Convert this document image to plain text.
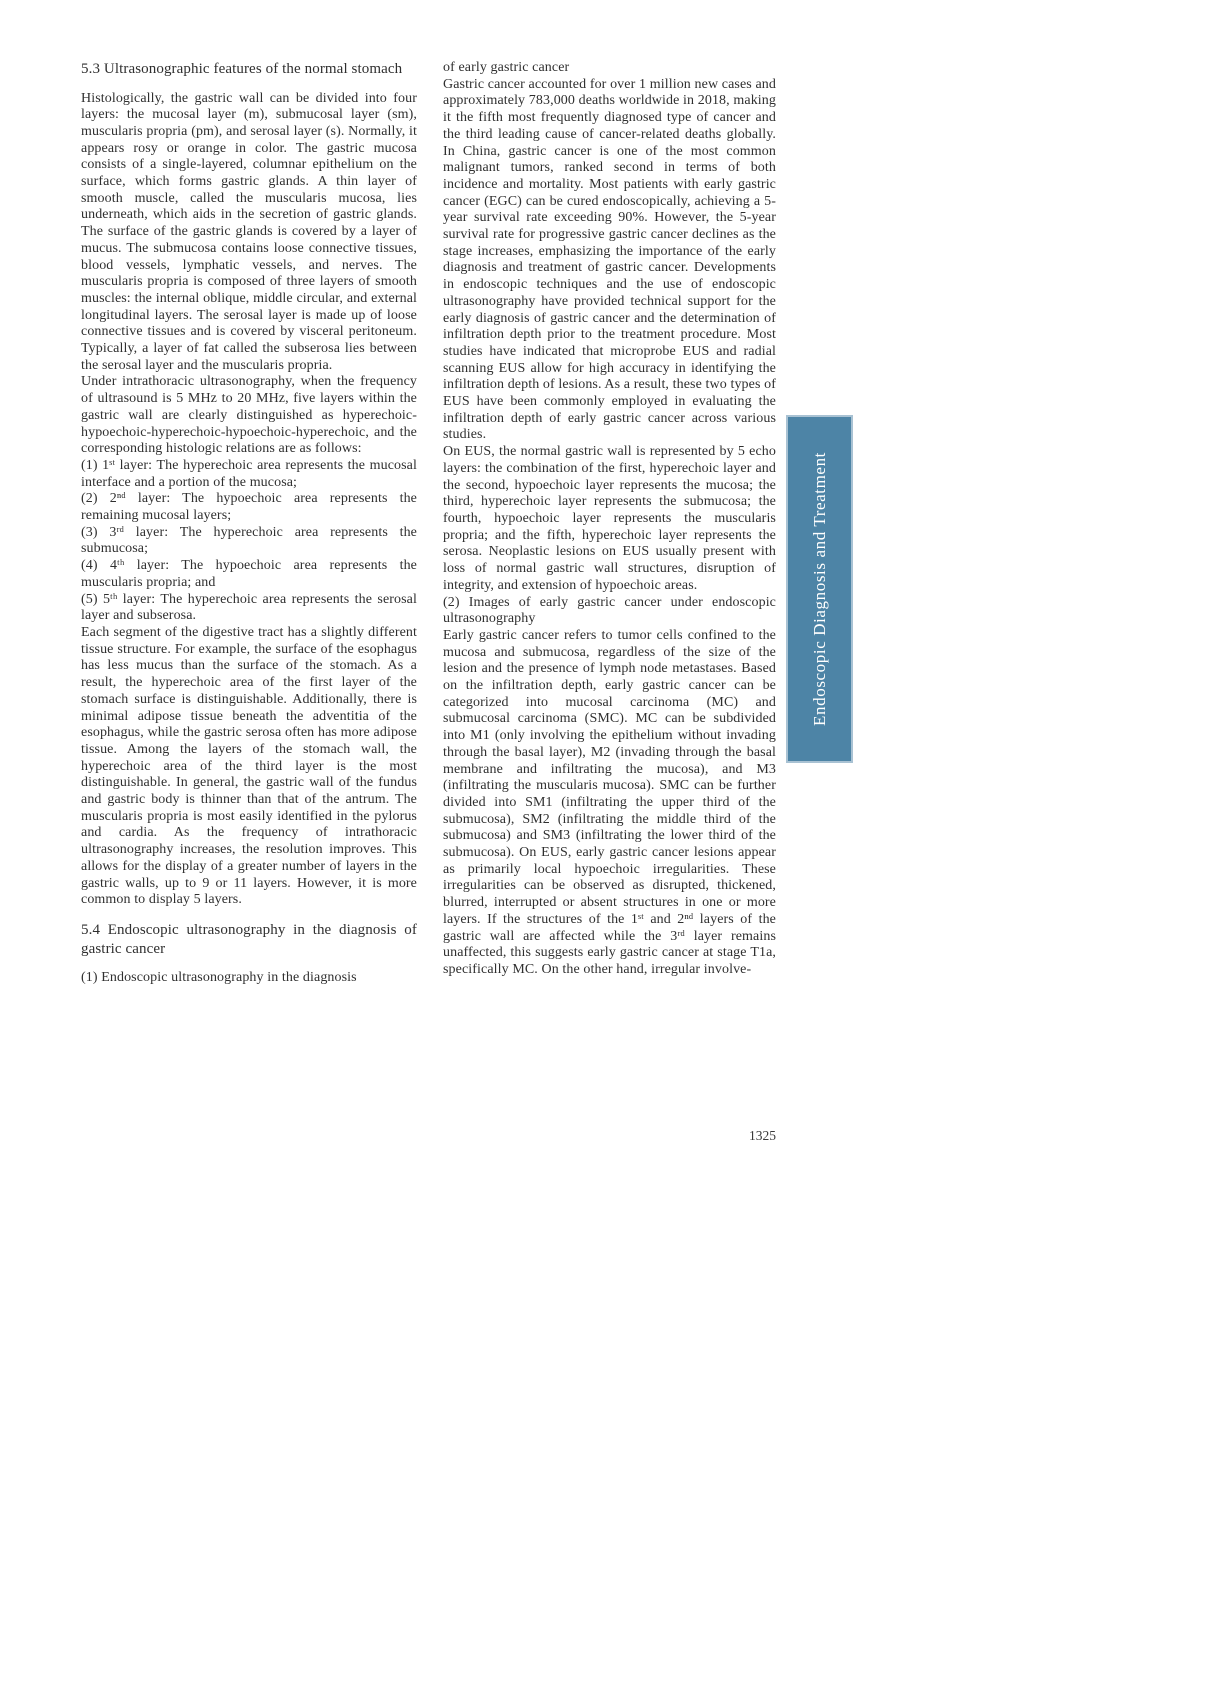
5.3 Ultrasonographic features of the normal stomach

Histologically, the gastric wall can be divided into four layers: the mucosal layer (m), submucosal layer (sm), muscularis propria (pm), and serosal layer (s). Normally, it appears rosy or orange in color. The gastric mucosa consists of a single-layered, columnar epithelium on the surface, which forms gastric glands. A thin layer of smooth muscle, called the muscularis mucosa, lies underneath, which aids in the secretion of gastric glands. The surface of the gastric glands is covered by a layer of mucus. The submucosa contains loose connective tissues, blood vessels, lymphatic vessels, and nerves. The muscularis propria is composed of three layers of smooth muscles: the internal oblique, middle circular, and external longitudinal layers. The serosal layer is made up of loose connective tissues and is covered by visceral peritoneum. Typically, a layer of fat called the subserosa lies between the serosal layer and the muscularis propria.

Under intrathoracic ultrasonography, when the frequency of ultrasound is 5 MHz to 20 MHz, five layers within the gastric wall are clearly distinguished as hyperechoic-hypoechoic-hyperechoic-hypoechoic-hyperechoic, and the corresponding histologic relations are as follows:

(1) 1ˢᵗ layer: The hyperechoic area represents the mucosal interface and a portion of the mucosa;

(2) 2ⁿᵈ layer: The hypoechoic area represents the remaining mucosal layers;

(3) 3ʳᵈ layer: The hyperechoic area represents the submucosa;

(4) 4ᵗʰ layer: The hypoechoic area represents the muscularis propria; and

(5) 5ᵗʰ layer: The hyperechoic area represents the serosal layer and subserosa.

Each segment of the digestive tract has a slightly different tissue structure. For example, the surface of the esophagus has less mucus than the surface of the stomach. As a result, the hyperechoic area of the first layer of the stomach surface is distinguishable. Additionally, there is minimal adipose tissue beneath the adventitia of the esophagus, while the gastric serosa often has more adipose tissue. Among the layers of the stomach wall, the hyperechoic area of the third layer is the most distinguishable. In general, the gastric wall of the fundus and gastric body is thinner than that of the antrum. The muscularis propria is most easily identified in the pylorus and cardia. As the frequency of intrathoracic ultrasonography increases, the resolution improves. This allows for the display of a greater number of layers in the gastric walls, up to 9 or 11 layers. However, it is more common to display 5 layers.

5.4 Endoscopic ultrasonography in the diagnosis of gastric cancer

(1) Endoscopic ultrasonography in the diagnosis

of early gastric cancer

Gastric cancer accounted for over 1 million new cases and approximately 783,000 deaths worldwide in 2018, making it the fifth most frequently diagnosed type of cancer and the third leading cause of cancer-related deaths globally. In China, gastric cancer is one of the most common malignant tumors, ranked second in terms of both incidence and mortality. Most patients with early gastric cancer (EGC) can be cured endoscopically, achieving a 5-year survival rate exceeding 90%. However, the 5-year survival rate for progressive gastric cancer declines as the stage increases, emphasizing the importance of the early diagnosis and treatment of gastric cancer. Developments in endoscopic techniques and the use of endoscopic ultrasonography have provided technical support for the early diagnosis of gastric cancer and the determination of infiltration depth prior to the treatment procedure. Most studies have indicated that microprobe EUS and radial scanning EUS allow for high accuracy in identifying the infiltration depth of lesions. As a result, these two types of EUS have been commonly employed in evaluating the infiltration depth of early gastric cancer across various studies.

On EUS, the normal gastric wall is represented by 5 echo layers: the combination of the first, hyperechoic layer and the second, hypoechoic layer represents the mucosa; the third, hyperechoic layer represents the submucosa; the fourth, hypoechoic layer represents the muscularis propria; and the fifth, hyperechoic layer represents the serosa. Neoplastic lesions on EUS usually present with loss of normal gastric wall structures, disruption of integrity, and extension of hypoechoic areas.

(2) Images of early gastric cancer under endoscopic ultrasonography

Early gastric cancer refers to tumor cells confined to the mucosa and submucosa, regardless of the size of the lesion and the presence of lymph node metastases. Based on the infiltration depth, early gastric cancer can be categorized into mucosal carcinoma (MC) and submucosal carcinoma (SMC). MC can be subdivided into M1 (only involving the epithelium without invading through the basal layer), M2 (invading through the basal membrane and infiltrating the mucosa), and M3 (infiltrating the muscularis mucosa). SMC can be further divided into SM1 (infiltrating the upper third of the submucosa), SM2 (infiltrating the middle third of the submucosa) and SM3 (infiltrating the lower third of the submucosa). On EUS, early gastric cancer lesions appear as primarily local hypoechoic irregularities. These irregularities can be observed as disrupted, thickened, blurred, interrupted or absent structures in one or more layers. If the structures of the 1ˢᵗ and 2ⁿᵈ layers of the gastric wall are affected while the 3ʳᵈ layer remains unaffected, this suggests early gastric cancer at stage T1a, specifically MC. On the other hand, irregular involve-

Endoscopic Diagnosis and Treatment
1325
